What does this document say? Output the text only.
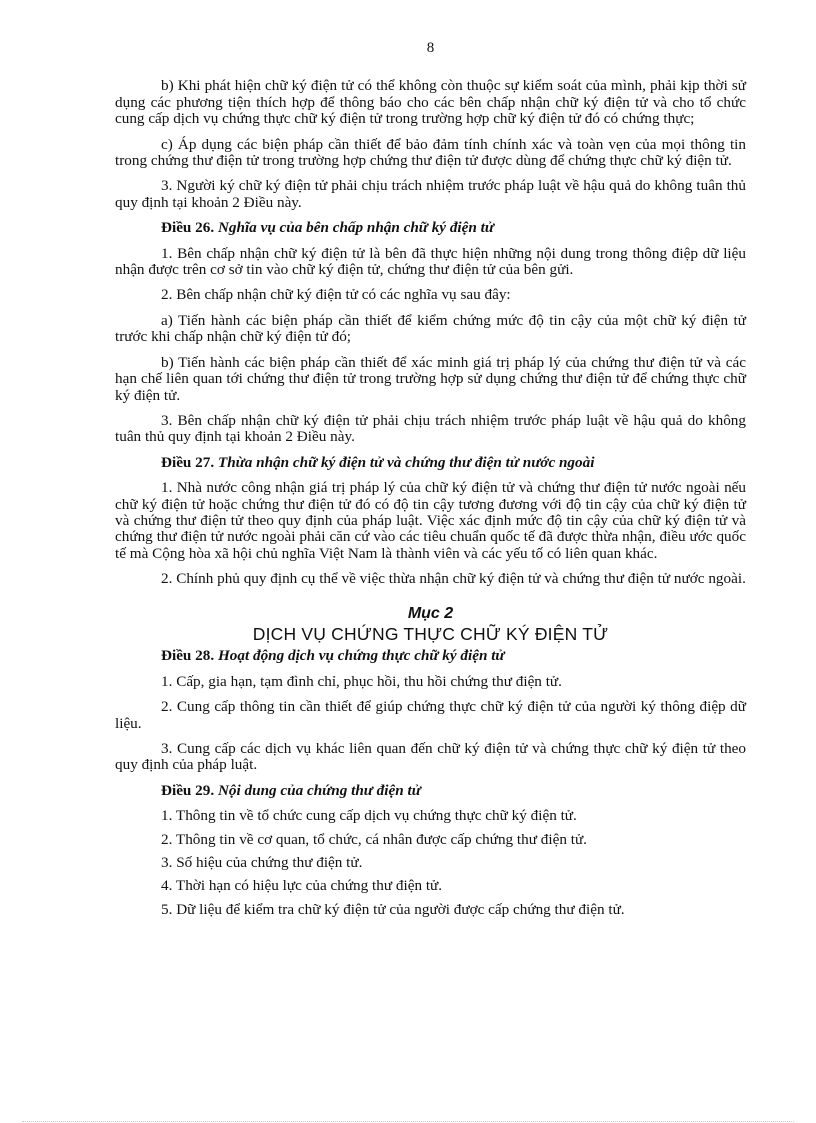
8

b) Khi phát hiện chữ ký điện tử có thể không còn thuộc sự kiểm soát của mình, phải kịp thời sử dụng các phương tiện thích hợp để thông báo cho các bên chấp nhận chữ ký điện tử và cho tổ chức cung cấp dịch vụ chứng thực chữ ký điện tử trong trường hợp chữ ký điện tử đó có chứng thực;

c) Áp dụng các biện pháp cần thiết để bảo đảm tính chính xác và toàn vẹn của mọi thông tin trong chứng thư điện tử trong trường hợp chứng thư điện tử được dùng để chứng thực chữ ký điện tử.

3. Người ký chữ ký điện tử phải chịu trách nhiệm trước pháp luật về hậu quả do không tuân thủ quy định tại khoản 2 Điều này.

Điều 26. Nghĩa vụ của bên chấp nhận chữ ký điện tử

1. Bên chấp nhận chữ ký điện tử là bên đã thực hiện những nội dung trong thông điệp dữ liệu nhận được trên cơ sở tin vào chữ ký điện tử, chứng thư điện tử của bên gửi.

2. Bên chấp nhận chữ ký điện tử có các nghĩa vụ sau đây:

a) Tiến hành các biện pháp cần thiết để kiểm chứng mức độ tin cậy của một chữ ký điện tử trước khi chấp nhận chữ ký điện tử đó;

b) Tiến hành các biện pháp cần thiết để xác minh giá trị pháp lý của chứng thư điện tử và các hạn chế liên quan tới chứng thư điện tử trong trường hợp sử dụng chứng thư điện tử để chứng thực chữ ký điện tử.

3. Bên chấp nhận chữ ký điện tử phải chịu trách nhiệm trước pháp luật về hậu quả do không tuân thủ quy định tại khoản 2 Điều này.

Điều 27. Thừa nhận chữ ký điện tử và chứng thư điện tử nước ngoài

1. Nhà nước công nhận giá trị pháp lý của chữ ký điện tử và chứng thư điện tử nước ngoài nếu chữ ký điện tử hoặc chứng thư điện tử đó có độ tin cậy tương đương với độ tin cậy của chữ ký điện tử và chứng thư điện tử theo quy định của pháp luật. Việc xác định mức độ tin cậy của chữ ký điện tử và chứng thư điện tử nước ngoài phải căn cứ vào các tiêu chuẩn quốc tế đã được thừa nhận, điều ước quốc tế mà Cộng hòa xã hội chủ nghĩa Việt Nam là thành viên và các yếu tố có liên quan khác.

2. Chính phủ quy định cụ thể về việc thừa nhận chữ ký điện tử và chứng thư điện tử nước ngoài.

Mục 2
DỊCH VỤ CHỨNG THỰC CHỮ KÝ ĐIỆN TỬ
Điều 28. Hoạt động dịch vụ chứng thực chữ ký điện tử

1. Cấp, gia hạn, tạm đình chỉ, phục hồi, thu hồi chứng thư điện tử.

2. Cung cấp thông tin cần thiết để giúp chứng thực chữ ký điện tử của người ký thông điệp dữ liệu.

3. Cung cấp các dịch vụ khác liên quan đến chữ ký điện tử và chứng thực chữ ký điện tử theo quy định của pháp luật.

Điều 29. Nội dung của chứng thư điện tử

1. Thông tin về tổ chức cung cấp dịch vụ chứng thực chữ ký điện tử.

2. Thông tin về cơ quan, tổ chức, cá nhân được cấp chứng thư điện tử.

3. Số hiệu của chứng thư điện tử.

4. Thời hạn có hiệu lực của chứng thư điện tử.

5. Dữ liệu để kiểm tra chữ ký điện tử của người được cấp chứng thư điện tử.
